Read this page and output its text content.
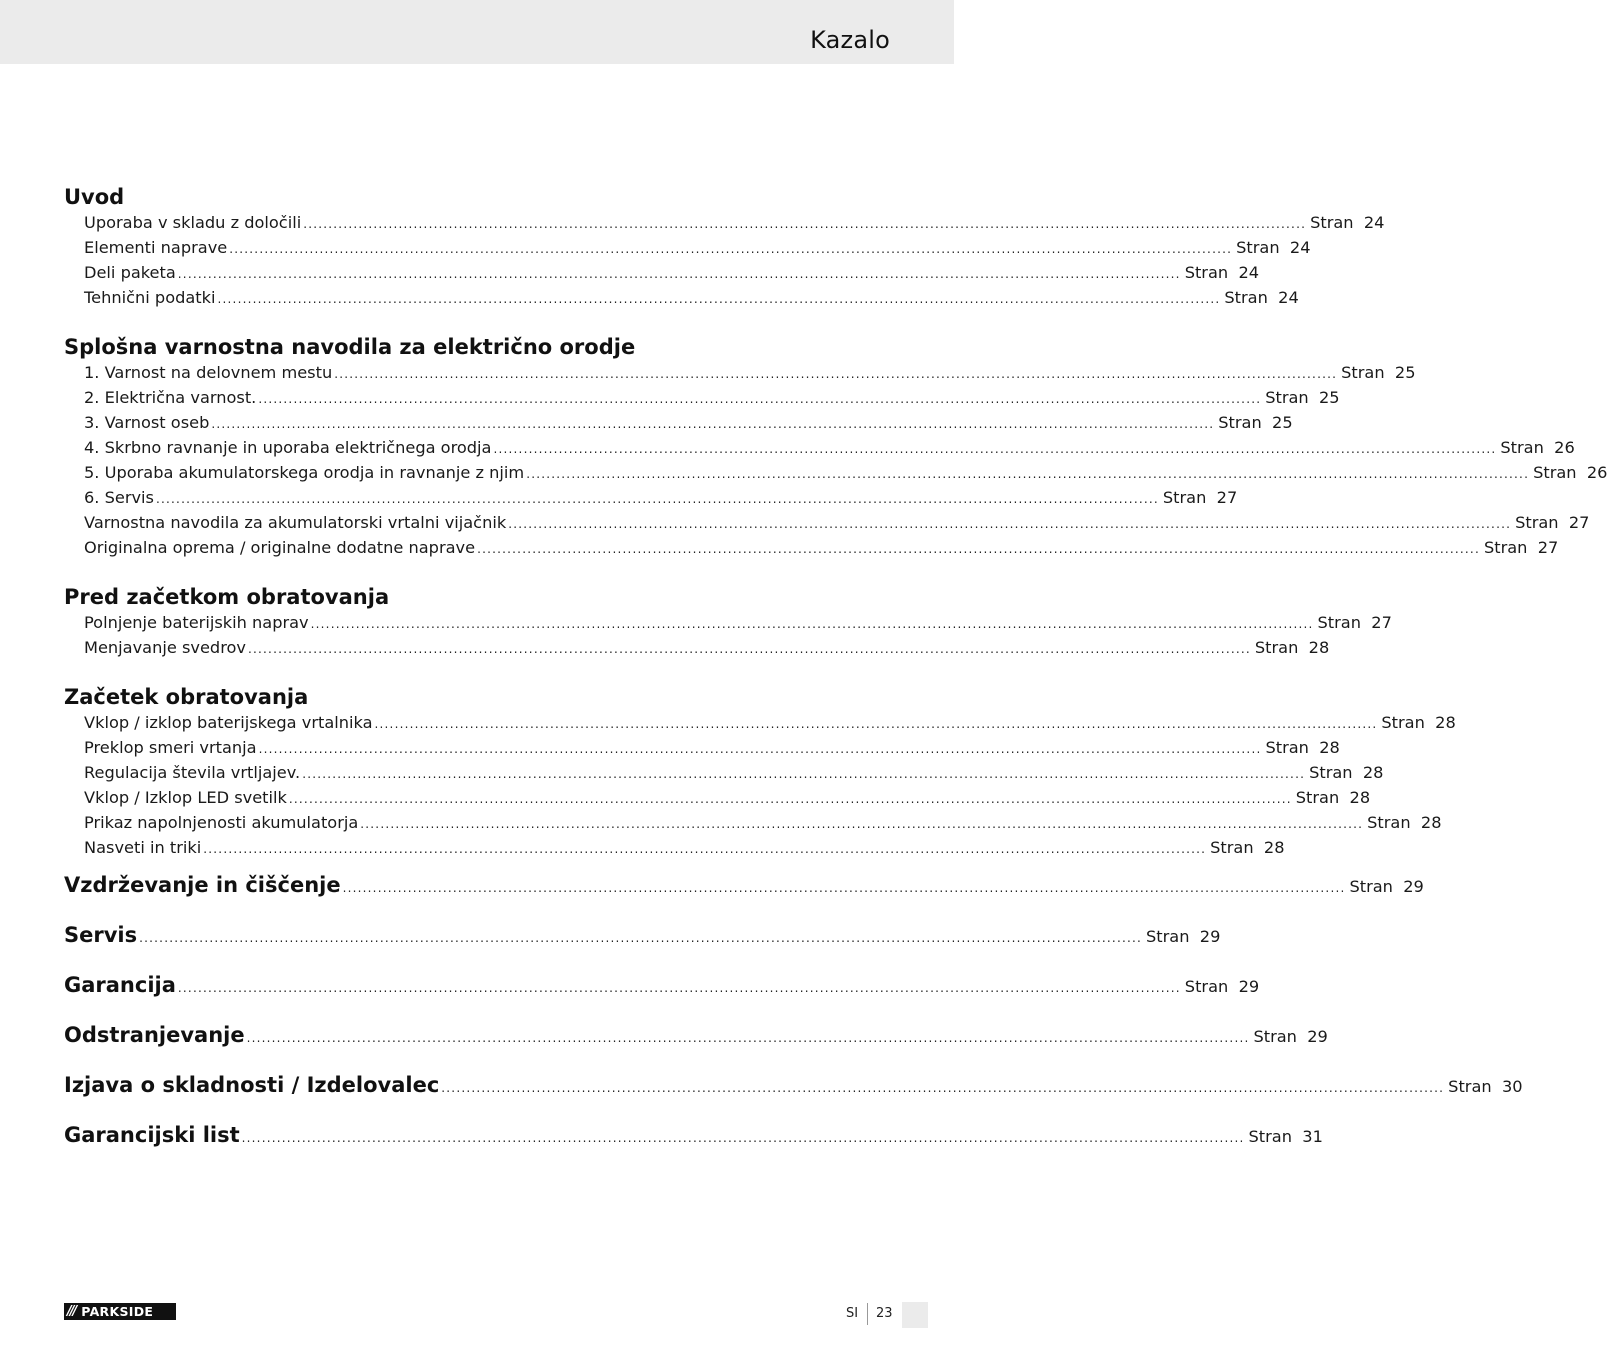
Kazalo
Uvod
Uporaba v skladu z določili ........................................................................................................................................................................................................ Stran 24
Elementi naprave ........................................................................................................................................................................................................ Stran 24
Deli paketa ........................................................................................................................................................................................................ Stran 24
Tehnični podatki ........................................................................................................................................................................................................ Stran 24
Splošna varnostna navodila za električno orodje
1. Varnost na delovnem mestu ........................................................................................................................................................................................................ Stran 25
2. Električna varnost. ........................................................................................................................................................................................................ Stran 25
3. Varnost oseb ........................................................................................................................................................................................................ Stran 25
4. Skrbno ravnanje in uporaba električnega orodja ........................................................................................................................................................................................................ Stran 26
5. Uporaba akumulatorskega orodja in ravnanje z njim ........................................................................................................................................................................................................ Stran 26
6. Servis ........................................................................................................................................................................................................ Stran 27
Varnostna navodila za akumulatorski vrtalni vijačnik ........................................................................................................................................................................................................ Stran 27
Originalna oprema / originalne dodatne naprave ........................................................................................................................................................................................................ Stran 27
Pred začetkom obratovanja
Polnjenje baterijskih naprav ........................................................................................................................................................................................................ Stran 27
Menjavanje svedrov ........................................................................................................................................................................................................ Stran 28
Začetek obratovanja
Vklop / izklop baterijskega vrtalnika ........................................................................................................................................................................................................ Stran 28
Preklop smeri vrtanja ........................................................................................................................................................................................................ Stran 28
Regulacija števila vrtljajev. ........................................................................................................................................................................................................ Stran 28
Vklop / Izklop LED svetilk ........................................................................................................................................................................................................ Stran 28
Prikaz napolnjenosti akumulatorja ........................................................................................................................................................................................................ Stran 28
Nasveti in triki ........................................................................................................................................................................................................ Stran 28
Vzdrževanje in čiščenje ........................................................................................................................................................................................................ Stran 29
Servis ........................................................................................................................................................................................................ Stran 29
Garancija ........................................................................................................................................................................................................ Stran 29
Odstranjevanje ........................................................................................................................................................................................................ Stran 29
Izjava o skladnosti / Izdelovalec ........................................................................................................................................................................................................ Stran 30
Garancijski list ........................................................................................................................................................................................................ Stran 31
/// PARKSIDE	SI 23
